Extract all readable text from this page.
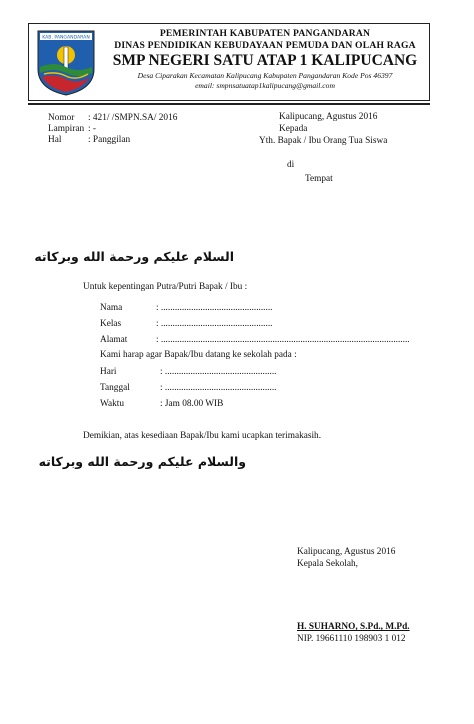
KAB. PANGANDARAN	PEMERINTAH KABUPATEN PANGANDARAN
DINAS PENDIDIKAN KEBUDAYAAN PEMUDA DAN OLAH RAGA
SMP NEGERI SATU ATAP 1 KALIPUCANG
Desa Ciparakan Kecamatan Kalipucang Kabupaten Pangandaran Kode Pos 46397
email: smpnsatuatap1kalipucang@gmail.com
Nomor : 421/ /SMPN.SA/ 2016
Lampiran : -
Hal	: Panggilan
Kalipucang, Agustus 2016
Kepada
Yth. Bapak / Ibu Orang Tua Siswa
di
Tempat
السلام عليكم ورحمة الله وبركاته
Untuk kepentingan Putra/Putri Bapak / Ibu :
Nama	: ................................................
Kelas	: ................................................
Alamat	: ...........................................................................................................
Kami harap agar Bapak/Ibu datang ke sekolah pada :
Hari	: ................................................
Tanggal	: ................................................
Waktu	: Jam 08.00 WIB
Demikian, atas kesediaan Bapak/Ibu kami ucapkan terimakasih.
والسلام عليكم ورحمة الله وبركاته
Kalipucang, Agustus 2016
Kepala Sekolah,
H. SUHARNO, S.Pd., M.Pd.
NIP. 19661110 198903 1 012
